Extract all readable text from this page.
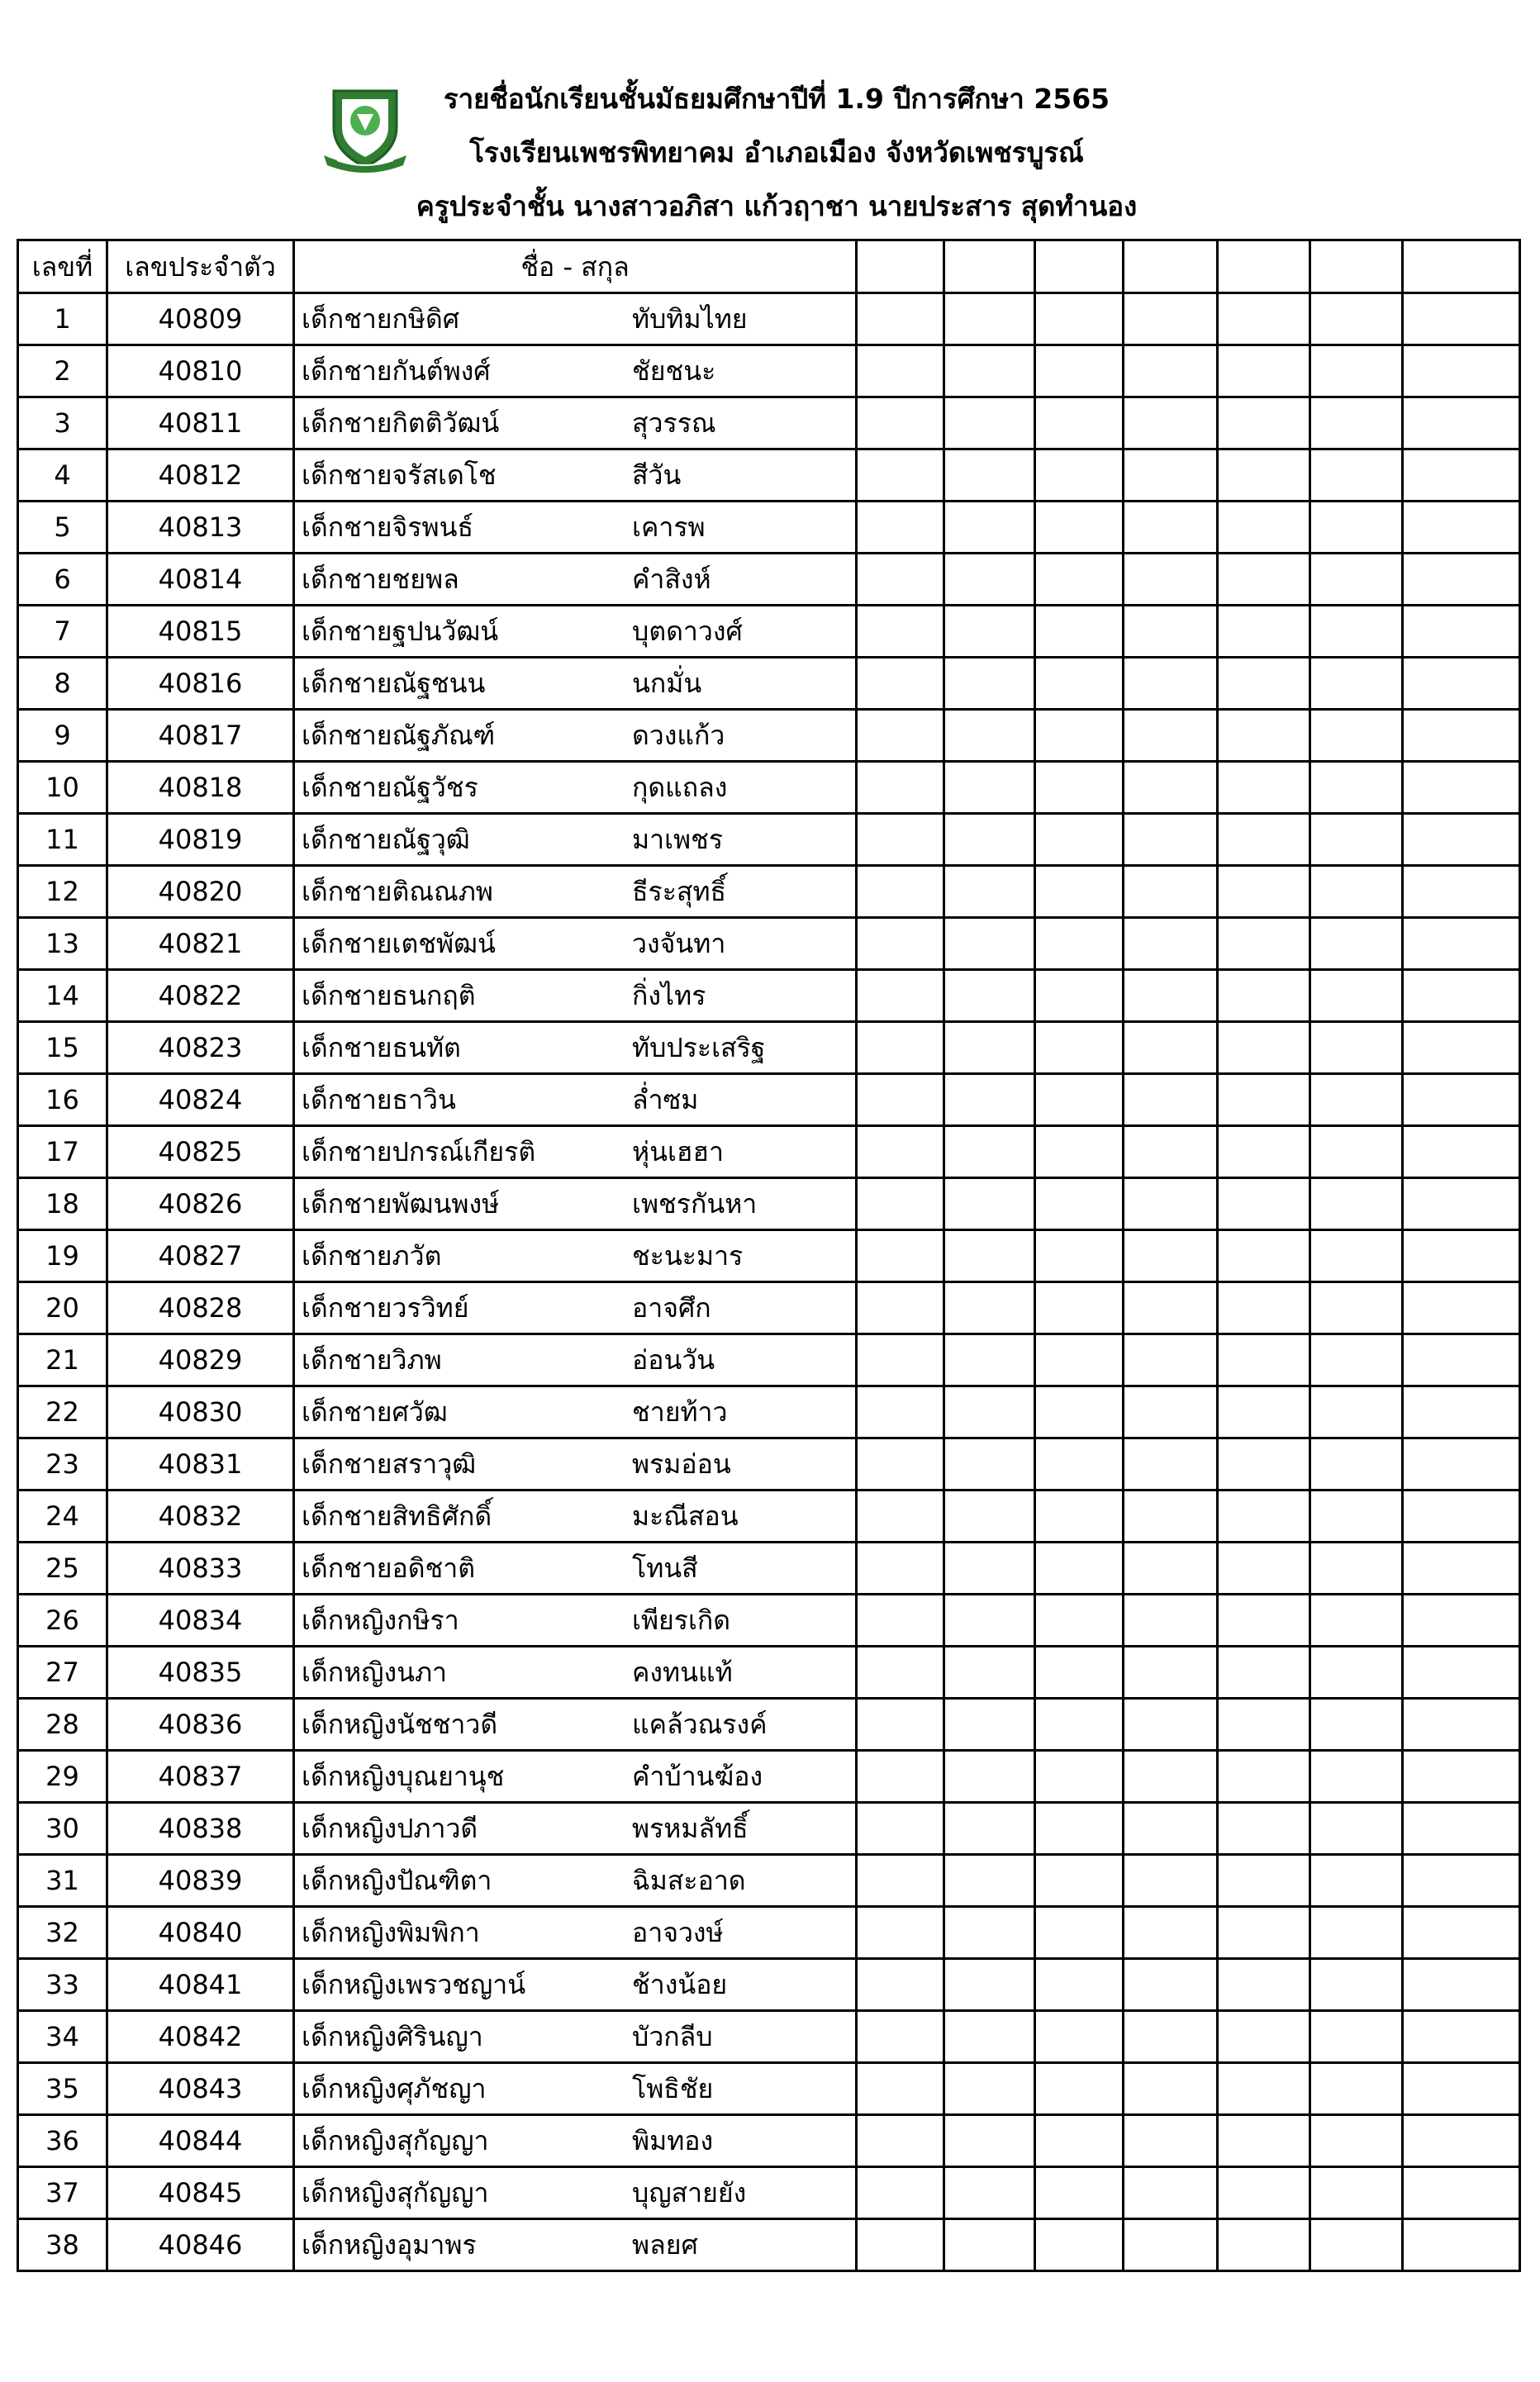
รายชื่อนักเรียนชั้นมัธยมศึกษาปีที่ 1.9 ปีการศึกษา 2565
โรงเรียนเพชรพิทยาคม อำเภอเมือง จังหวัดเพชรบูรณ์
ครูประจำชั้น นางสาวอภิสา แก้วฤาชา นายประสาร สุดทำนอง
เลขที่	เลขประจำตัว	ชื่อ - สกุล							
1	40809	เด็กชายกษิดิศ ทับทิมไทย							
2	40810	เด็กชายกันต์พงศ์ ชัยชนะ							
3	40811	เด็กชายกิตติวัฒน์ สุวรรณ							
4	40812	เด็กชายจรัสเดโช สีวัน							
5	40813	เด็กชายจิรพนธ์ เคารพ							
6	40814	เด็กชายชยพล คำสิงห์							
7	40815	เด็กชายฐปนวัฒน์ บุตดาวงศ์							
8	40816	เด็กชายณัฐชนน นกมั่น							
9	40817	เด็กชายณัฐภัณฑ์ ดวงแก้ว							
10	40818	เด็กชายณัฐวัชร กุดแถลง							
11	40819	เด็กชายณัฐวุฒิ มาเพชร							
12	40820	เด็กชายติณณภพ ธีระสุทธิ์							
13	40821	เด็กชายเตชพัฒน์ วงจันทา							
14	40822	เด็กชายธนกฤติ กิ่งไทร							
15	40823	เด็กชายธนทัต ทับประเสริฐ							
16	40824	เด็กชายธาวิน ล่ำซม							
17	40825	เด็กชายปกรณ์เกียรติ หุ่นเฮฮา							
18	40826	เด็กชายพัฒนพงษ์ เพชรกันหา							
19	40827	เด็กชายภวัต ชะนะมาร							
20	40828	เด็กชายวรวิทย์ อาจศึก							
21	40829	เด็กชายวิภพ อ่อนวัน							
22	40830	เด็กชายศวัฒ ชายท้าว							
23	40831	เด็กชายสราวุฒิ พรมอ่อน							
24	40832	เด็กชายสิทธิศักดิ์ มะณีสอน							
25	40833	เด็กชายอดิชาติ โทนสี							
26	40834	เด็กหญิงกษิรา เพียรเกิด							
27	40835	เด็กหญิงนภา คงทนแท้							
28	40836	เด็กหญิงนัชชาวดี แคล้วณรงค์							
29	40837	เด็กหญิงบุณยานุช คำบ้านฆ้อง							
30	40838	เด็กหญิงปภาวดี พรหมลัทธิ์							
31	40839	เด็กหญิงปัณฑิตา ฉิมสะอาด							
32	40840	เด็กหญิงพิมพิกา อาจวงษ์							
33	40841	เด็กหญิงเพรวชญาน์ ช้างน้อย							
34	40842	เด็กหญิงศิรินญา บัวกลีบ							
35	40843	เด็กหญิงศุภัชญา โพธิชัย							
36	40844	เด็กหญิงสุกัญญา พิมทอง							
37	40845	เด็กหญิงสุกัญญา บุญสายยัง							
38	40846	เด็กหญิงอุมาพร พลยศ							
